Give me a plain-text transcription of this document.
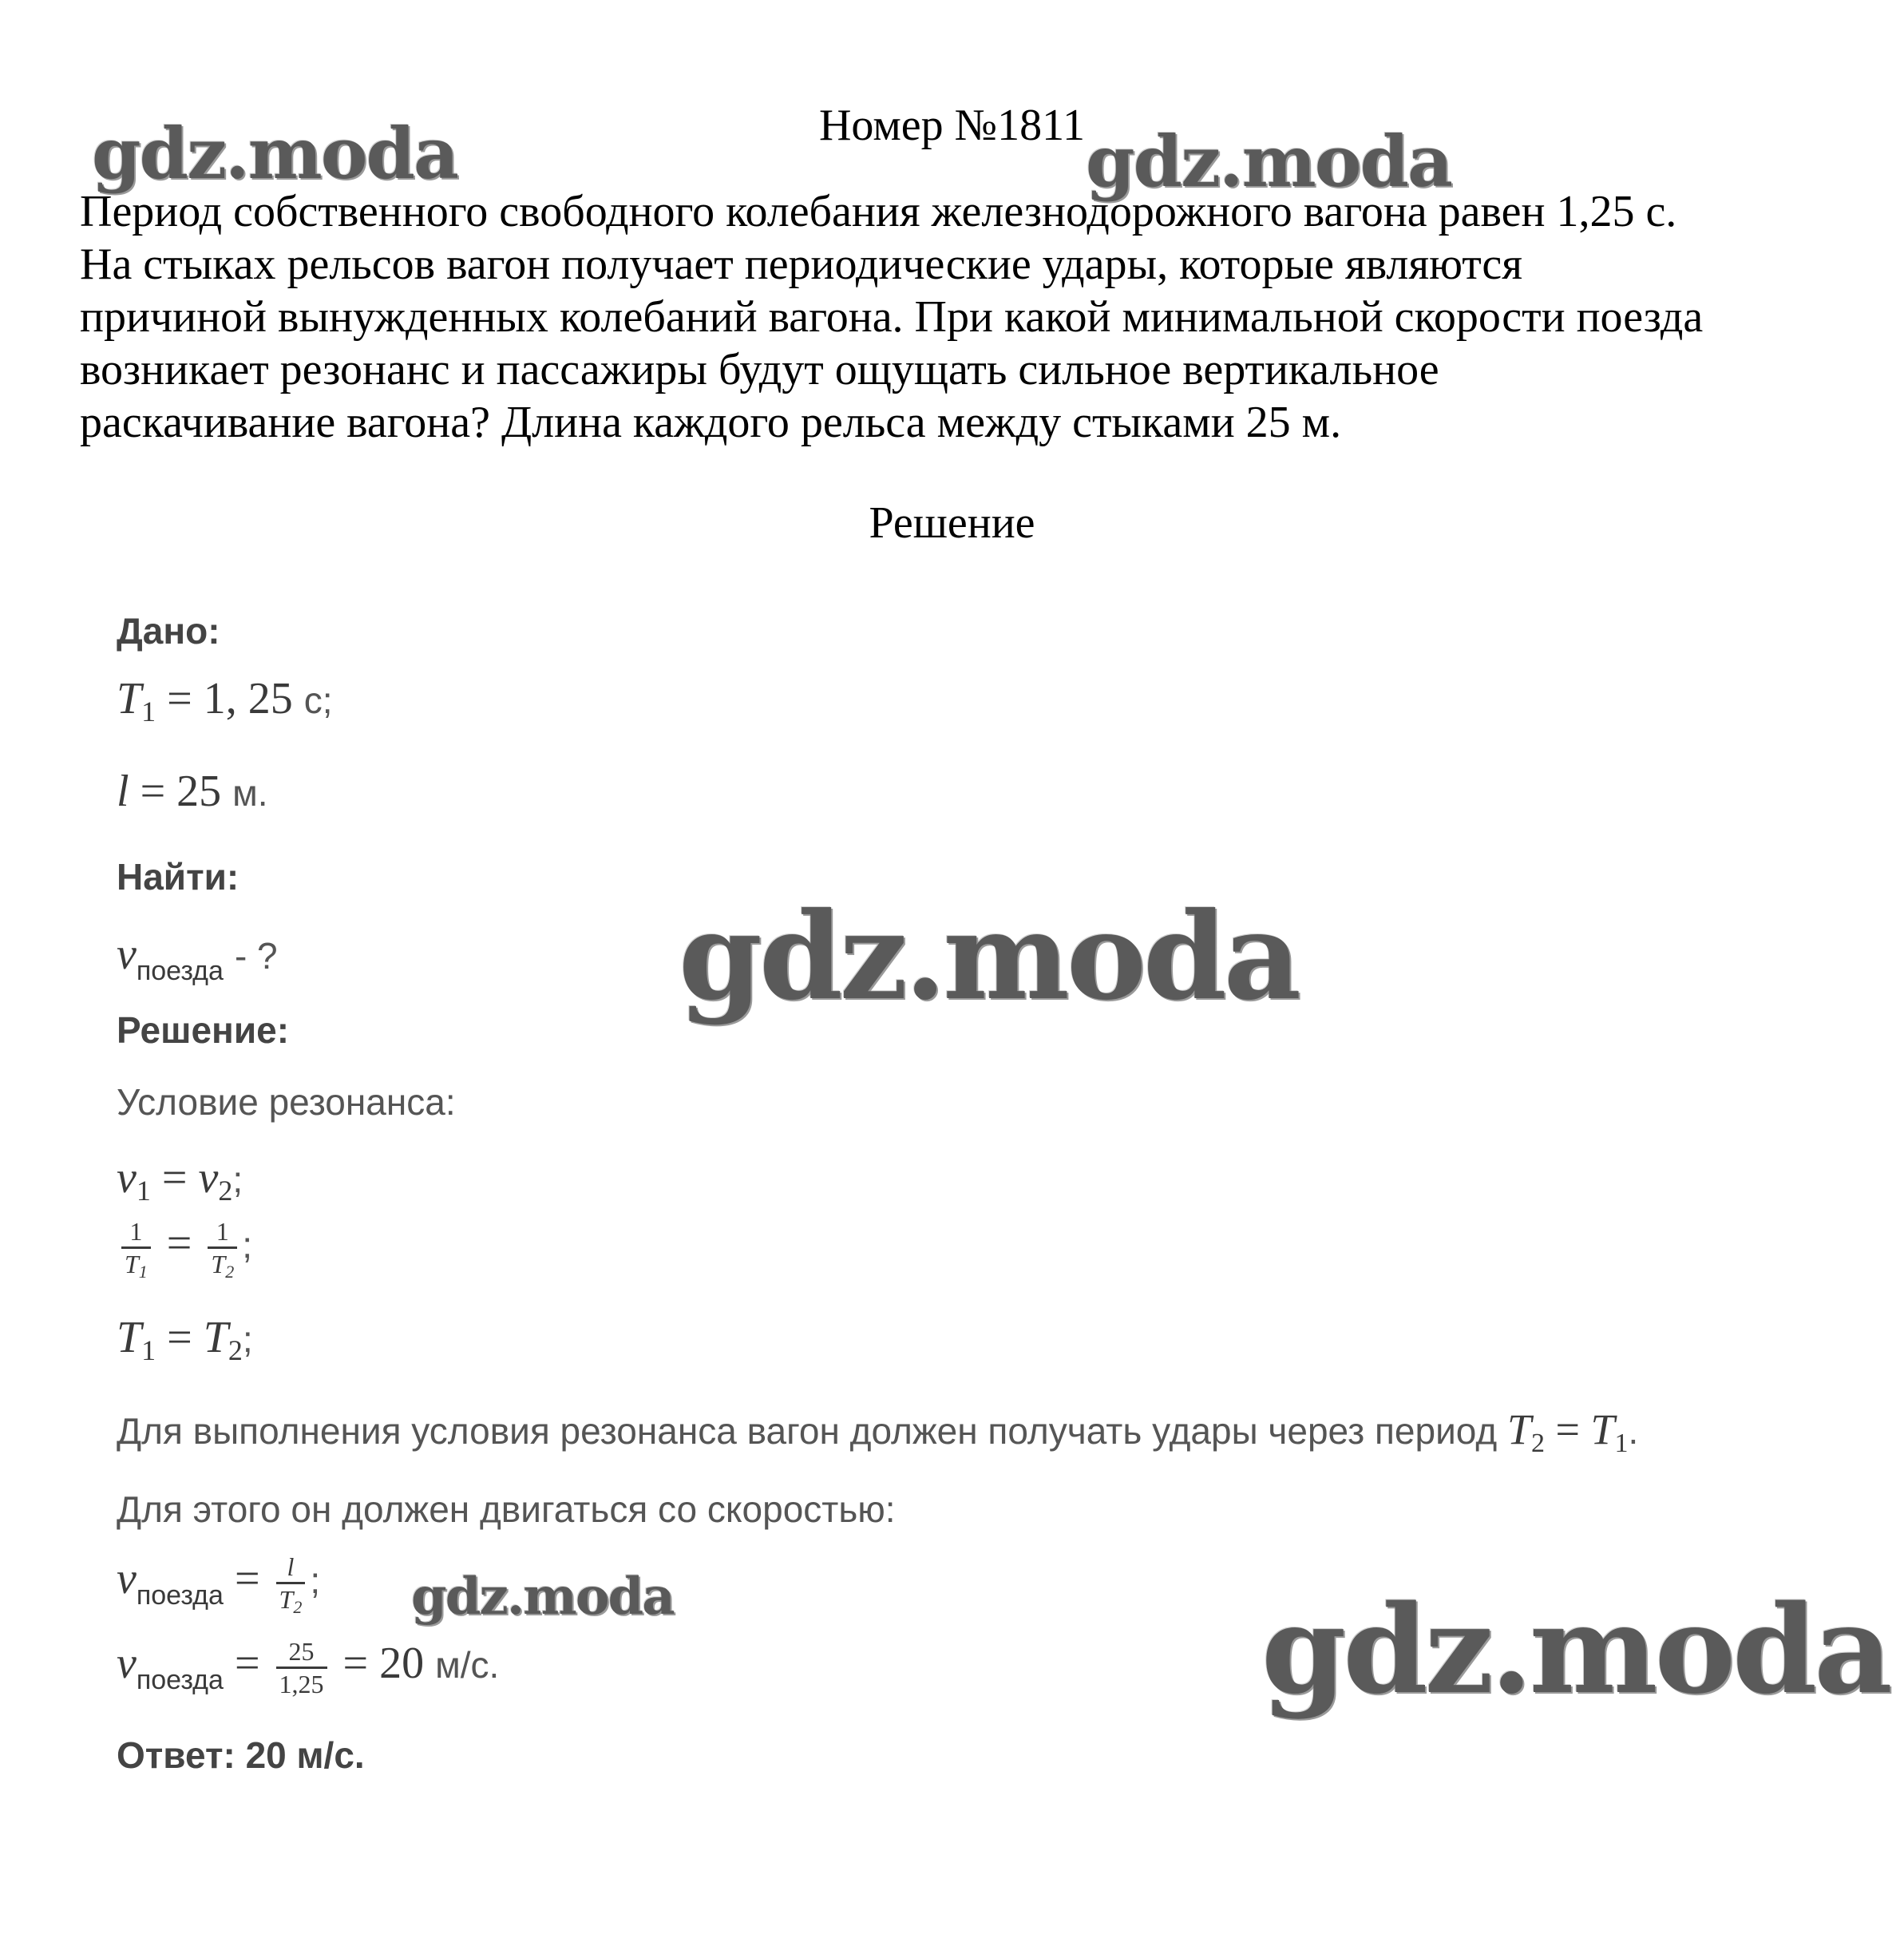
Номер №1811
Период собственного свободного колебания железнодорожного вагона равен 1,25 с.
На стыках рельсов вагон получает периодические удары, которые являются
причиной вынужденных колебаний вагона. При какой минимальной скорости поезда
возникает резонанс и пассажиры будут ощущать сильное вертикальное
раскачивание вагона? Длина каждого рельса между стыками 25 м.
Решение
Дано:
$T_1 = 1$, 25 с;
l = 25 м.
Найти:
$v_{поезда}$ - ?
Решение:
Условие резонанса:
$\nu_1 = v_2$;
$\frac{1}{T_1} = \frac{1}{T_2}$ ;
$T_1 = T_2$;
Для выполнения условия резонанса вагон должен получать удары через период $T_2 = T_1$.
Для этого он должен двигаться со скоростью:
$v_{поезда} = \frac{l}{T_2}$ ;
$v_{поезда} = \frac{25}{1,25} = 20$ м/с.
Ответ: 20 м/с.
gdz.moda	gdz.moda
gdz.moda
gdz.moda	gdz.moda
